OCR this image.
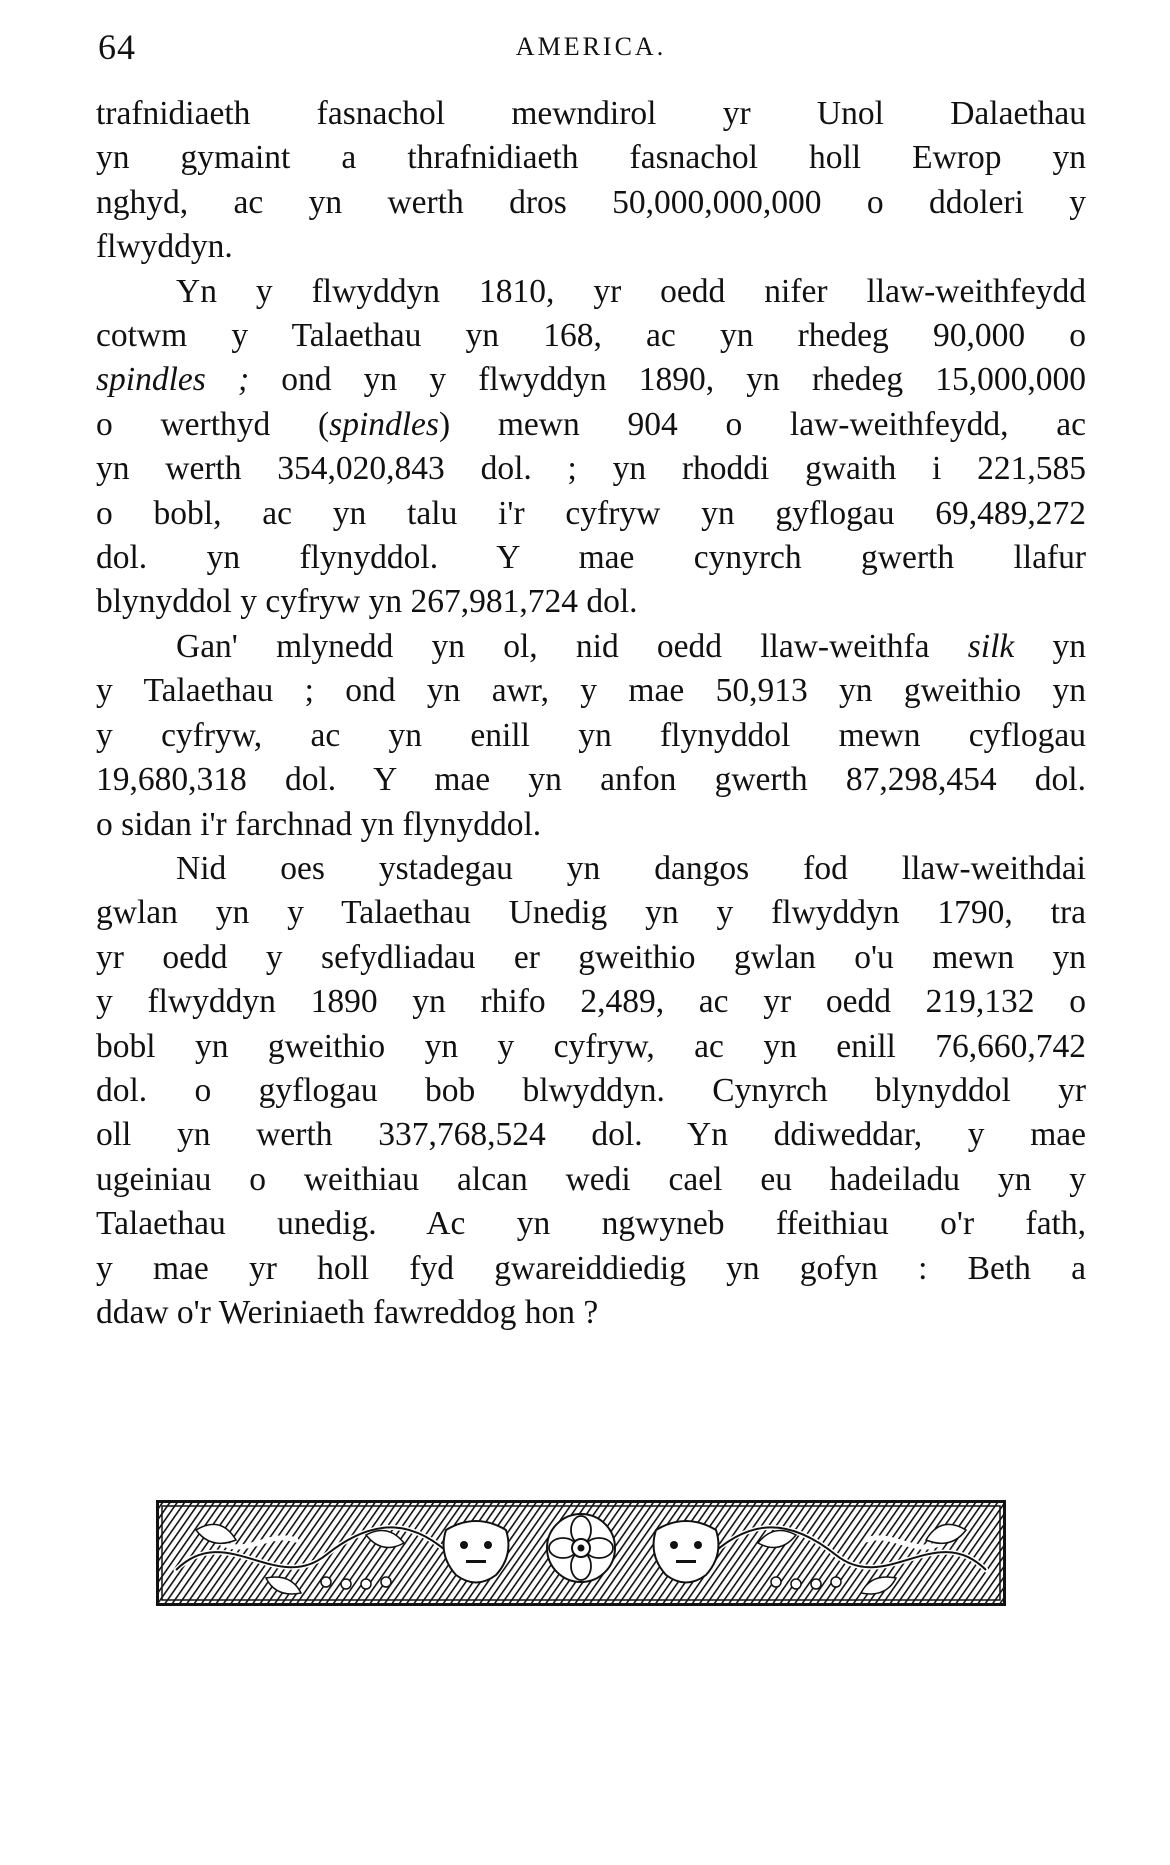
64	AMERICA.

trafnidiaeth fasnachol mewndirol yr Unol Dalaethau
yn gymaint a thrafnidiaeth fasnachol holl Ewrop yn
nghyd, ac yn werth dros 50,000,000,000 o ddoleri y
flwyddyn.

Yn y flwyddyn 1810, yr oedd nifer llaw-weithfeydd
cotwm y Talaethau yn 168, ac yn rhedeg 90,000 o
spindles ; ond yn y flwyddyn 1890, yn rhedeg 15,000,000
o werthyd (spindles) mewn 904 o law-weithfeydd, ac
yn werth 354,020,843 dol. ; yn rhoddi gwaith i 221,585
o bobl, ac yn talu i'r cyfryw yn gyflogau 69,489,272
dol. yn flynyddol. Y mae cynyrch gwerth llafur
blynyddol y cyfryw yn 267,981,724 dol.

Gan' mlynedd yn ol, nid oedd llaw-weithfa silk yn
y Talaethau ; ond yn awr, y mae 50,913 yn gweithio yn
y cyfryw, ac yn enill yn flynyddol mewn cyflogau
19,680,318 dol. Y mae yn anfon gwerth 87,298,454 dol.
o sidan i'r farchnad yn flynyddol.

Nid oes ystadegau yn dangos fod llaw-weithdai
gwlan yn y Talaethau Unedig yn y flwyddyn 1790, tra
yr oedd y sefydliadau er gweithio gwlan o'u mewn yn
y flwyddyn 1890 yn rhifo 2,489, ac yr oedd 219,132 o
bobl yn gweithio yn y cyfryw, ac yn enill 76,660,742
dol. o gyflogau bob blwyddyn. Cynyrch blynyddol yr
oll yn werth 337,768,524 dol. Yn ddiweddar, y mae
ugeiniau o weithiau alcan wedi cael eu hadeiladu yn y
Talaethau unedig. Ac yn ngwyneb ffeithiau o'r fath,
y mae yr holl fyd gwareiddiedig yn gofyn : Beth a
ddaw o'r Weriniaeth fawreddog hon ?
